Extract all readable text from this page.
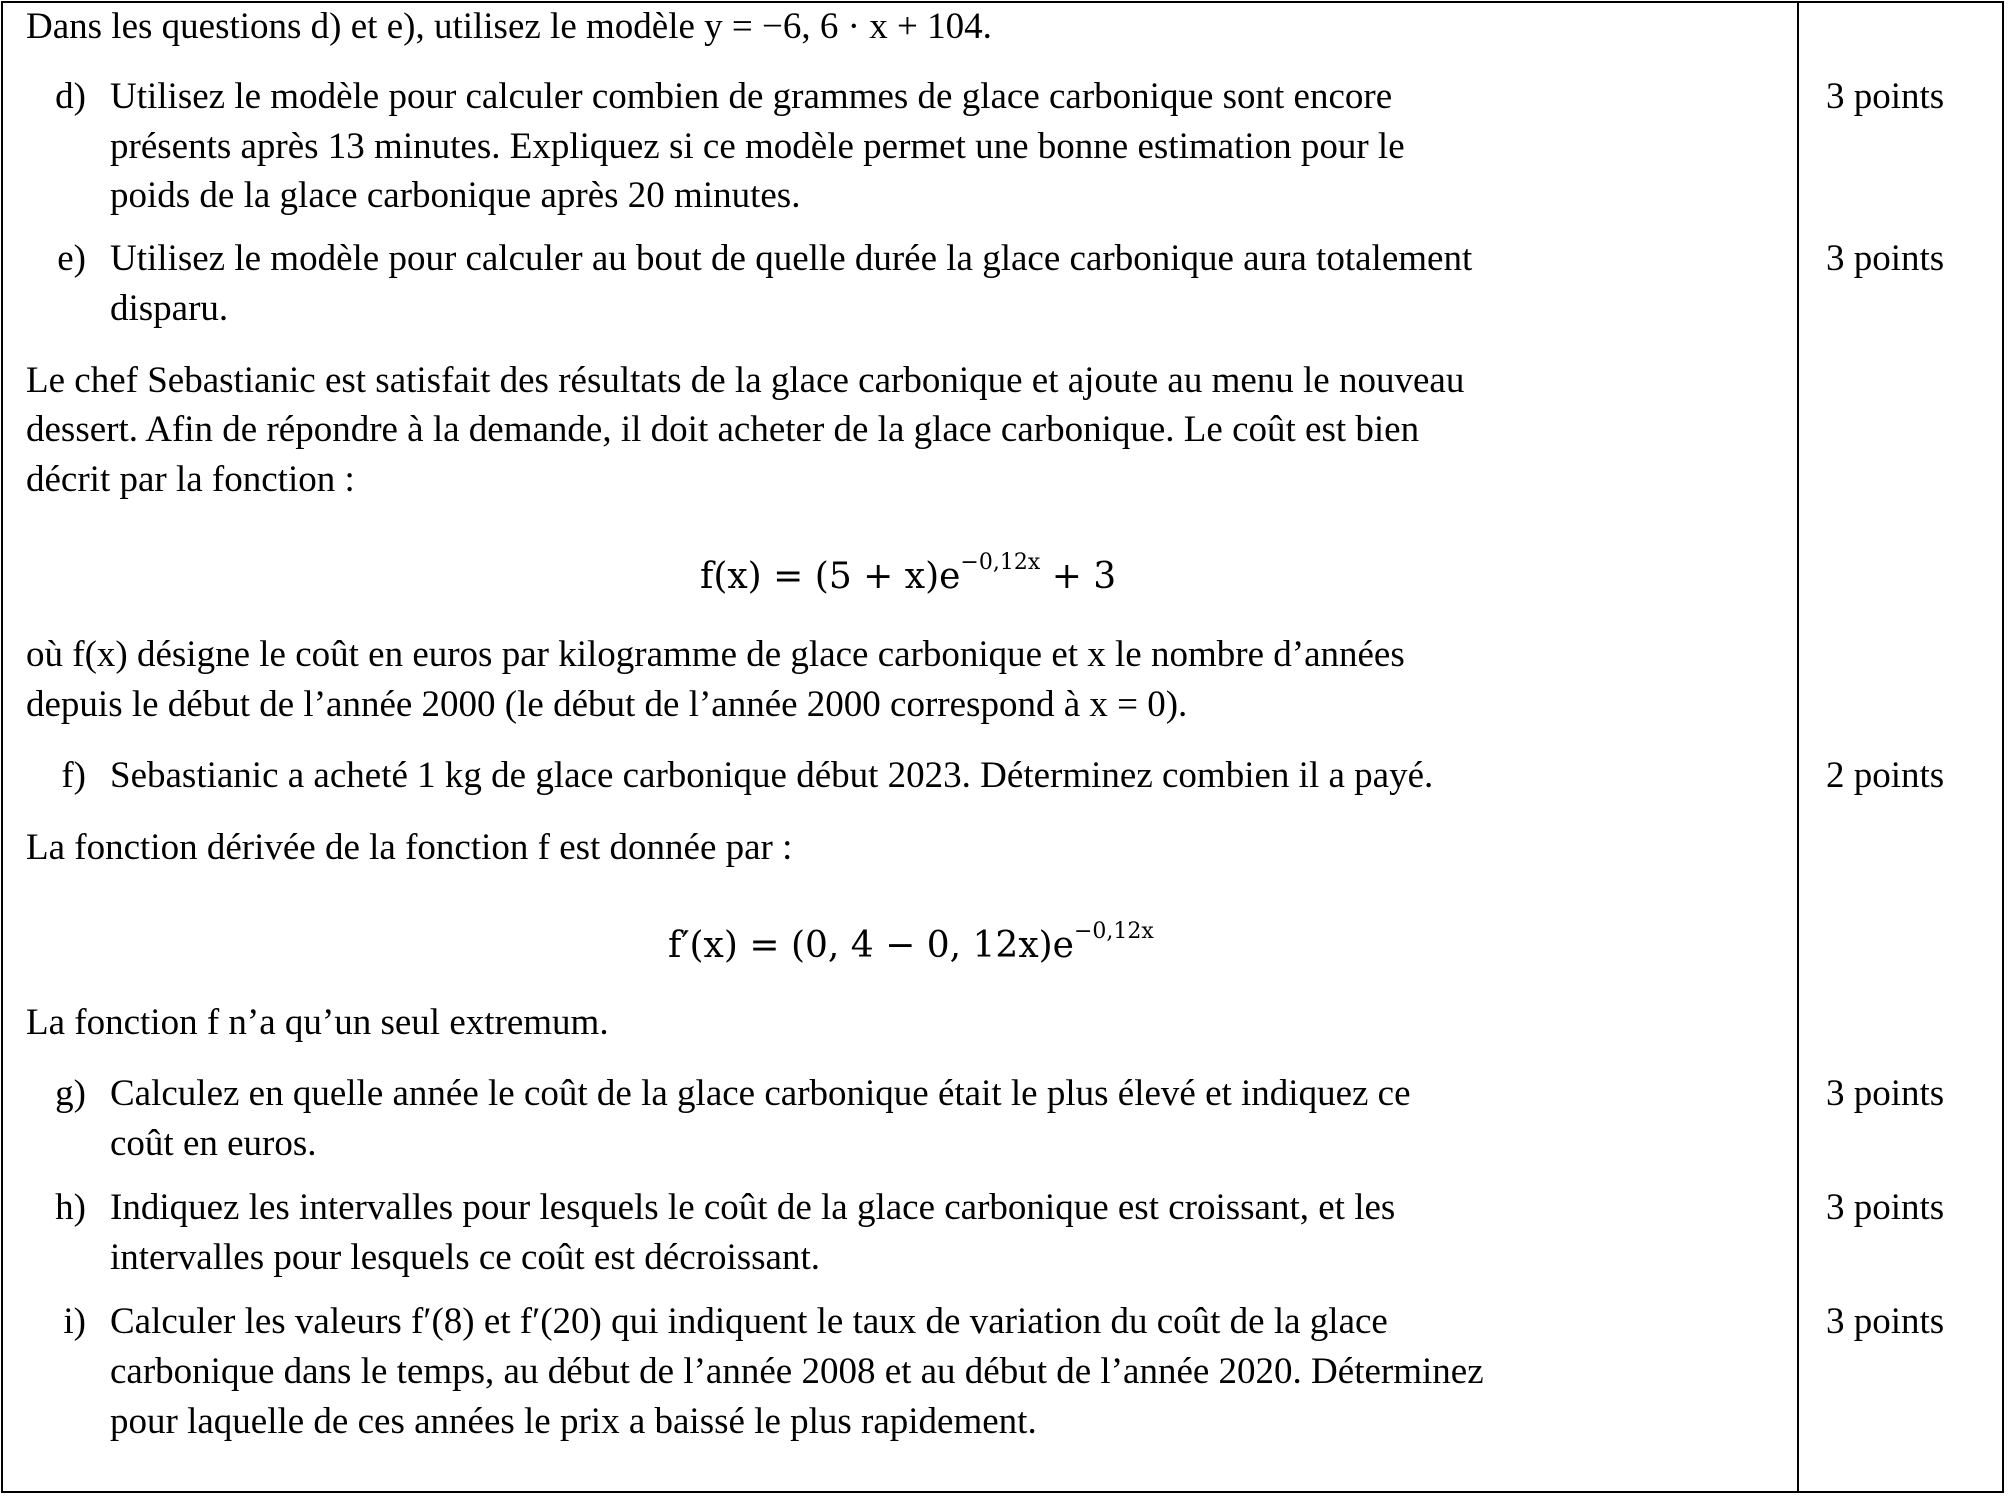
Dans les questions d) et e), utilisez le modèle y = −6, 6 · x + 104.
d) Utilisez le modèle pour calculer combien de grammes de glace carbonique sont encore
présents après 13 minutes. Expliquez si ce modèle permet une bonne estimation pour le
poids de la glace carbonique après 20 minutes.
3 points
e) Utilisez le modèle pour calculer au bout de quelle durée la glace carbonique aura totalement
disparu.
3 points
Le chef Sebastianic est satisfait des résultats de la glace carbonique et ajoute au menu le nouveau
dessert. Afin de répondre à la demande, il doit acheter de la glace carbonique. Le coût est bien
décrit par la fonction :
$f(x) = (5 + x)e^{-0,12x} + 3$
où f(x) désigne le coût en euros par kilogramme de glace carbonique et x le nombre d’années
depuis le début de l’année 2000 (le début de l’année 2000 correspond à x = 0).
f) Sebastianic a acheté 1 kg de glace carbonique début 2023. Déterminez combien il a payé.	2 points
La fonction dérivée de la fonction f est donnée par :
f′(x) = (0, 4 − 0, $12x)e^{-0,12x}$
La fonction f n’a qu’un seul extremum.
g) Calculez en quelle année le coût de la glace carbonique était le plus élevé et indiquez ce
coût en euros.
3 points
h) Indiquez les intervalles pour lesquels le coût de la glace carbonique est croissant, et les
intervalles pour lesquels ce coût est décroissant.
3 points
i) Calculer les valeurs f′(8) et f′(20) qui indiquent le taux de variation du coût de la glace
carbonique dans le temps, au début de l’année 2008 et au début de l’année 2020. Déterminez
pour laquelle de ces années le prix a baissé le plus rapidement.
3 points
